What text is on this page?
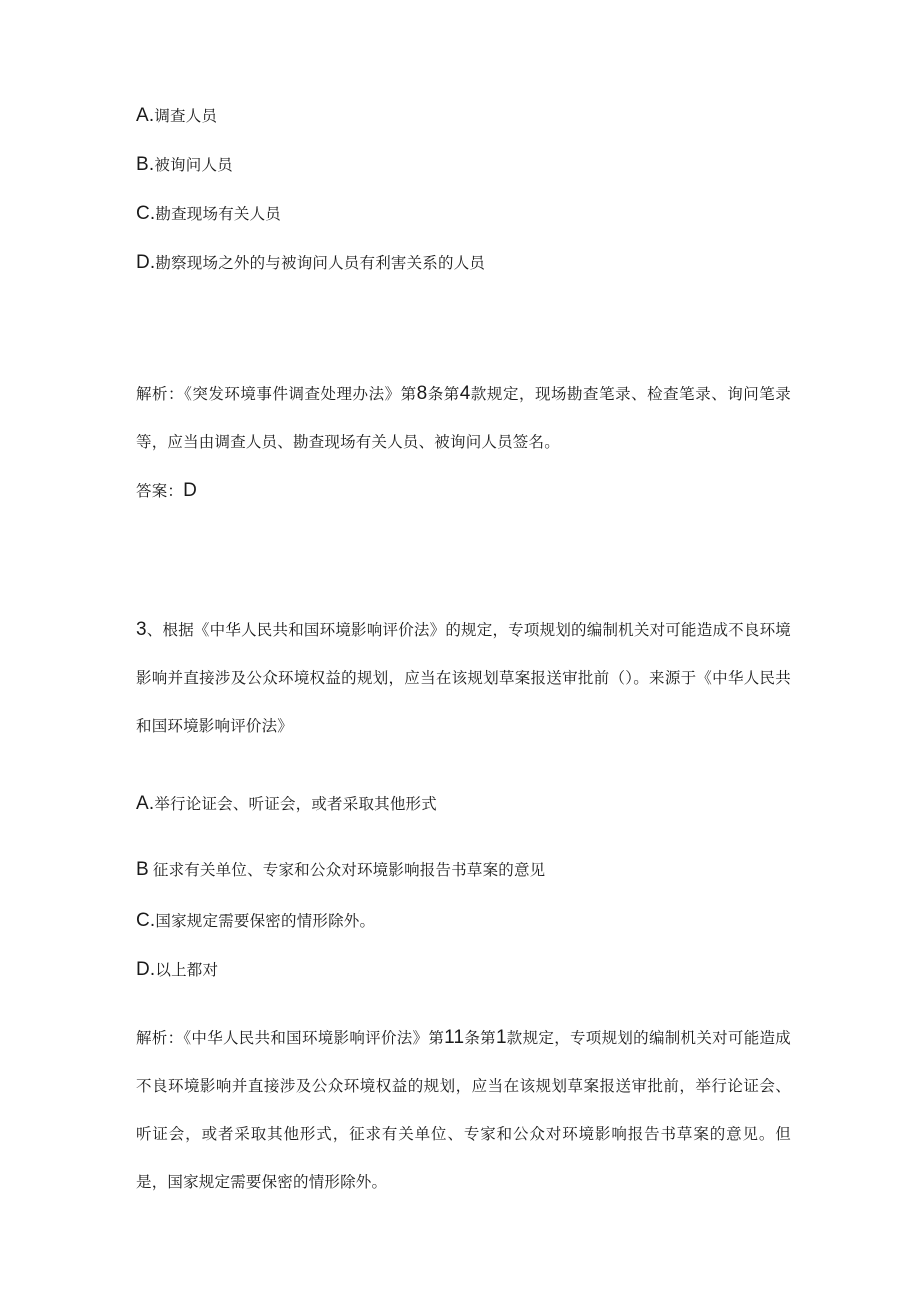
A.调查人员
B.被询问人员
C.勘查现场有关人员
D.勘察现场之外的与被询问人员有利害关系的人员

解析：《突发环境事件调查处理办法》第8条第4款规定，现场勘查笔录、检查笔录、询问笔录等，应当由调查人员、勘查现场有关人员、被询问人员签名。

答案：D

3、根据《中华人民共和国环境影响评价法》的规定，专项规划的编制机关对可能造成不良环境影响并直接涉及公众环境权益的规划，应当在该规划草案报送审批前（）。来源于《中华人民共和国环境影响评价法》

A.举行论证会、听证会，或者采取其他形式
B 征求有关单位、专家和公众对环境影响报告书草案的意见
C.国家规定需要保密的情形除外。
D.以上都对

解析：《中华人民共和国环境影响评价法》第11条第1款规定，专项规划的编制机关对可能造成不良环境影响并直接涉及公众环境权益的规划，应当在该规划草案报送审批前，举行论证会、听证会，或者采取其他形式，征求有关单位、专家和公众对环境影响报告书草案的意见。但是，国家规定需要保密的情形除外。
